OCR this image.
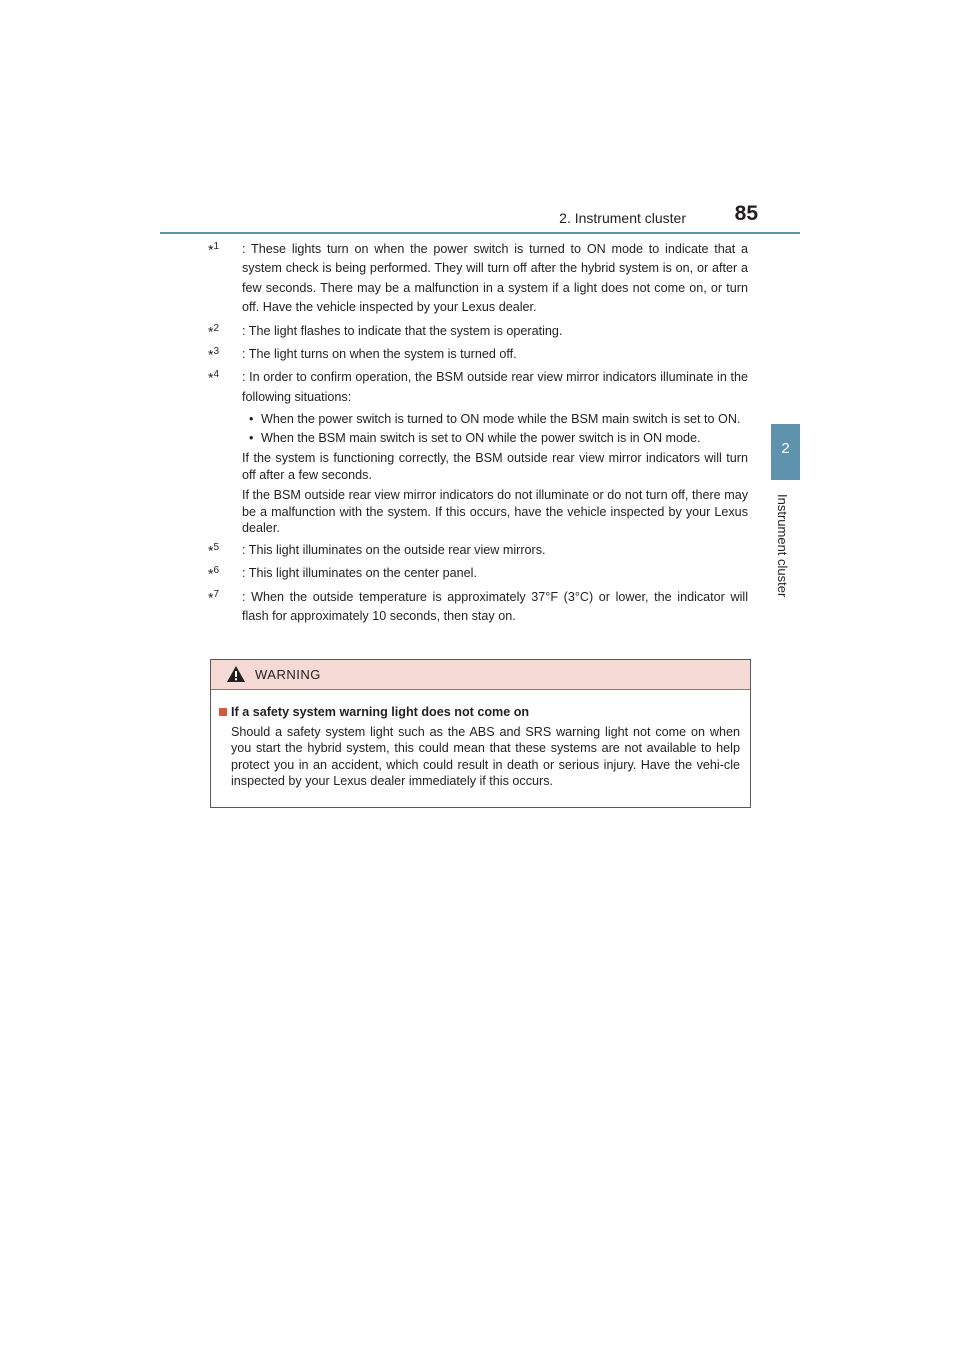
2. Instrument cluster 85
2
Instrument cluster
*$^1$ : These lights turn on when the power switch is turned to ON mode to indicate that a system check is being performed. They will turn off after the hybrid system is on, or after a few seconds. There may be a malfunction in a system if a light does not come on, or turn off. Have the vehicle inspected by your Lexus dealer.

*$^2$ : The light flashes to indicate that the system is operating.

*$^3$ : The light turns on when the system is turned off.

*$^4$ : In order to confirm operation, the BSM outside rear view mirror indicators illuminate in the following situations:

• When the power switch is turned to ON mode while the BSM main switch is set to ON.
• When the BSM main switch is set to ON while the power switch is in ON mode.

If the system is functioning correctly, the BSM outside rear view mirror indicators will turn off after a few seconds.

If the BSM outside rear view mirror indicators do not illuminate or do not turn off, there may be a malfunction with the system. If this occurs, have the vehicle inspected by your Lexus dealer.

*$^5$ : This light illuminates on the outside rear view mirrors.

*$^6$ : This light illuminates on the center panel.

*$^7$ : When the outside temperature is approximately 37°F (3°C) or lower, the indicator will flash for approximately 10 seconds, then stay on.

WARNING
If a safety system warning light does not come on

Should a safety system light such as the ABS and SRS warning light not come on when you start the hybrid system, this could mean that these systems are not available to help protect you in an accident, which could result in death or serious injury. Have the vehi-cle inspected by your Lexus dealer immediately if this occurs.
